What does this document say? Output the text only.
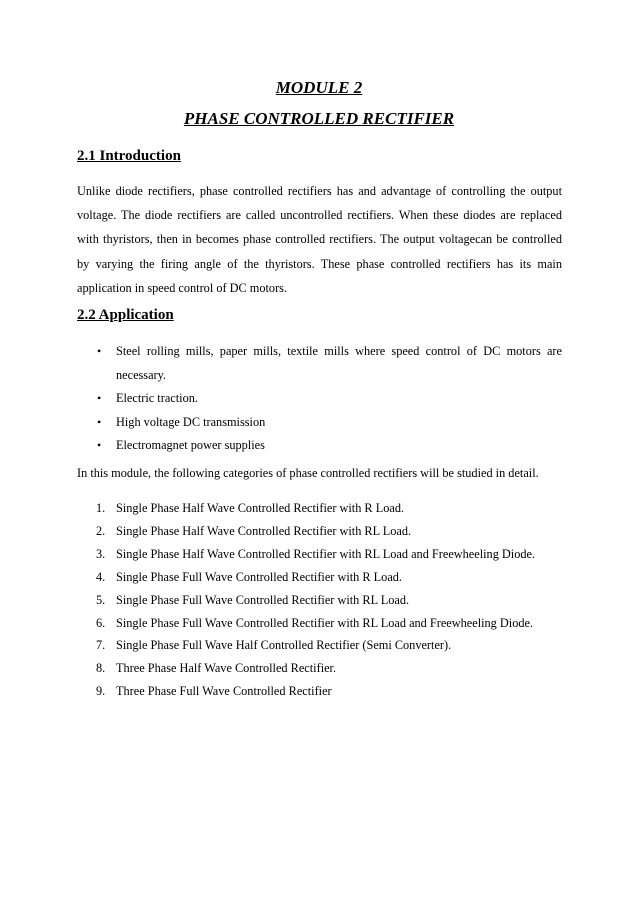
MODULE 2
PHASE CONTROLLED RECTIFIER
2.1 Introduction

Unlike diode rectifiers, phase controlled rectifiers has and advantage of controlling the output voltage. The diode rectifiers are called uncontrolled rectifiers. When these diodes are replaced with thyristors, then in becomes phase controlled rectifiers. The output voltagecan be controlled by varying the firing angle of the thyristors. These phase controlled rectifiers has its main application in speed control of DC motors.

2.2 Application
• Steel rolling mills, paper mills, textile mills where speed control of DC motors are necessary.
• Electric traction.
• High voltage DC transmission
• Electromagnet power supplies

In this module, the following categories of phase controlled rectifiers will be studied in detail.

1. Single Phase Half Wave Controlled Rectifier with R Load.
2. Single Phase Half Wave Controlled Rectifier with RL Load.
3. Single Phase Half Wave Controlled Rectifier with RL Load and Freewheeling Diode.
4. Single Phase Full Wave Controlled Rectifier with R Load.
5. Single Phase Full Wave Controlled Rectifier with RL Load.
6. Single Phase Full Wave Controlled Rectifier with RL Load and Freewheeling Diode.
7. Single Phase Full Wave Half Controlled Rectifier (Semi Converter).
8. Three Phase Half Wave Controlled Rectifier.
9. Three Phase Full Wave Controlled Rectifier
